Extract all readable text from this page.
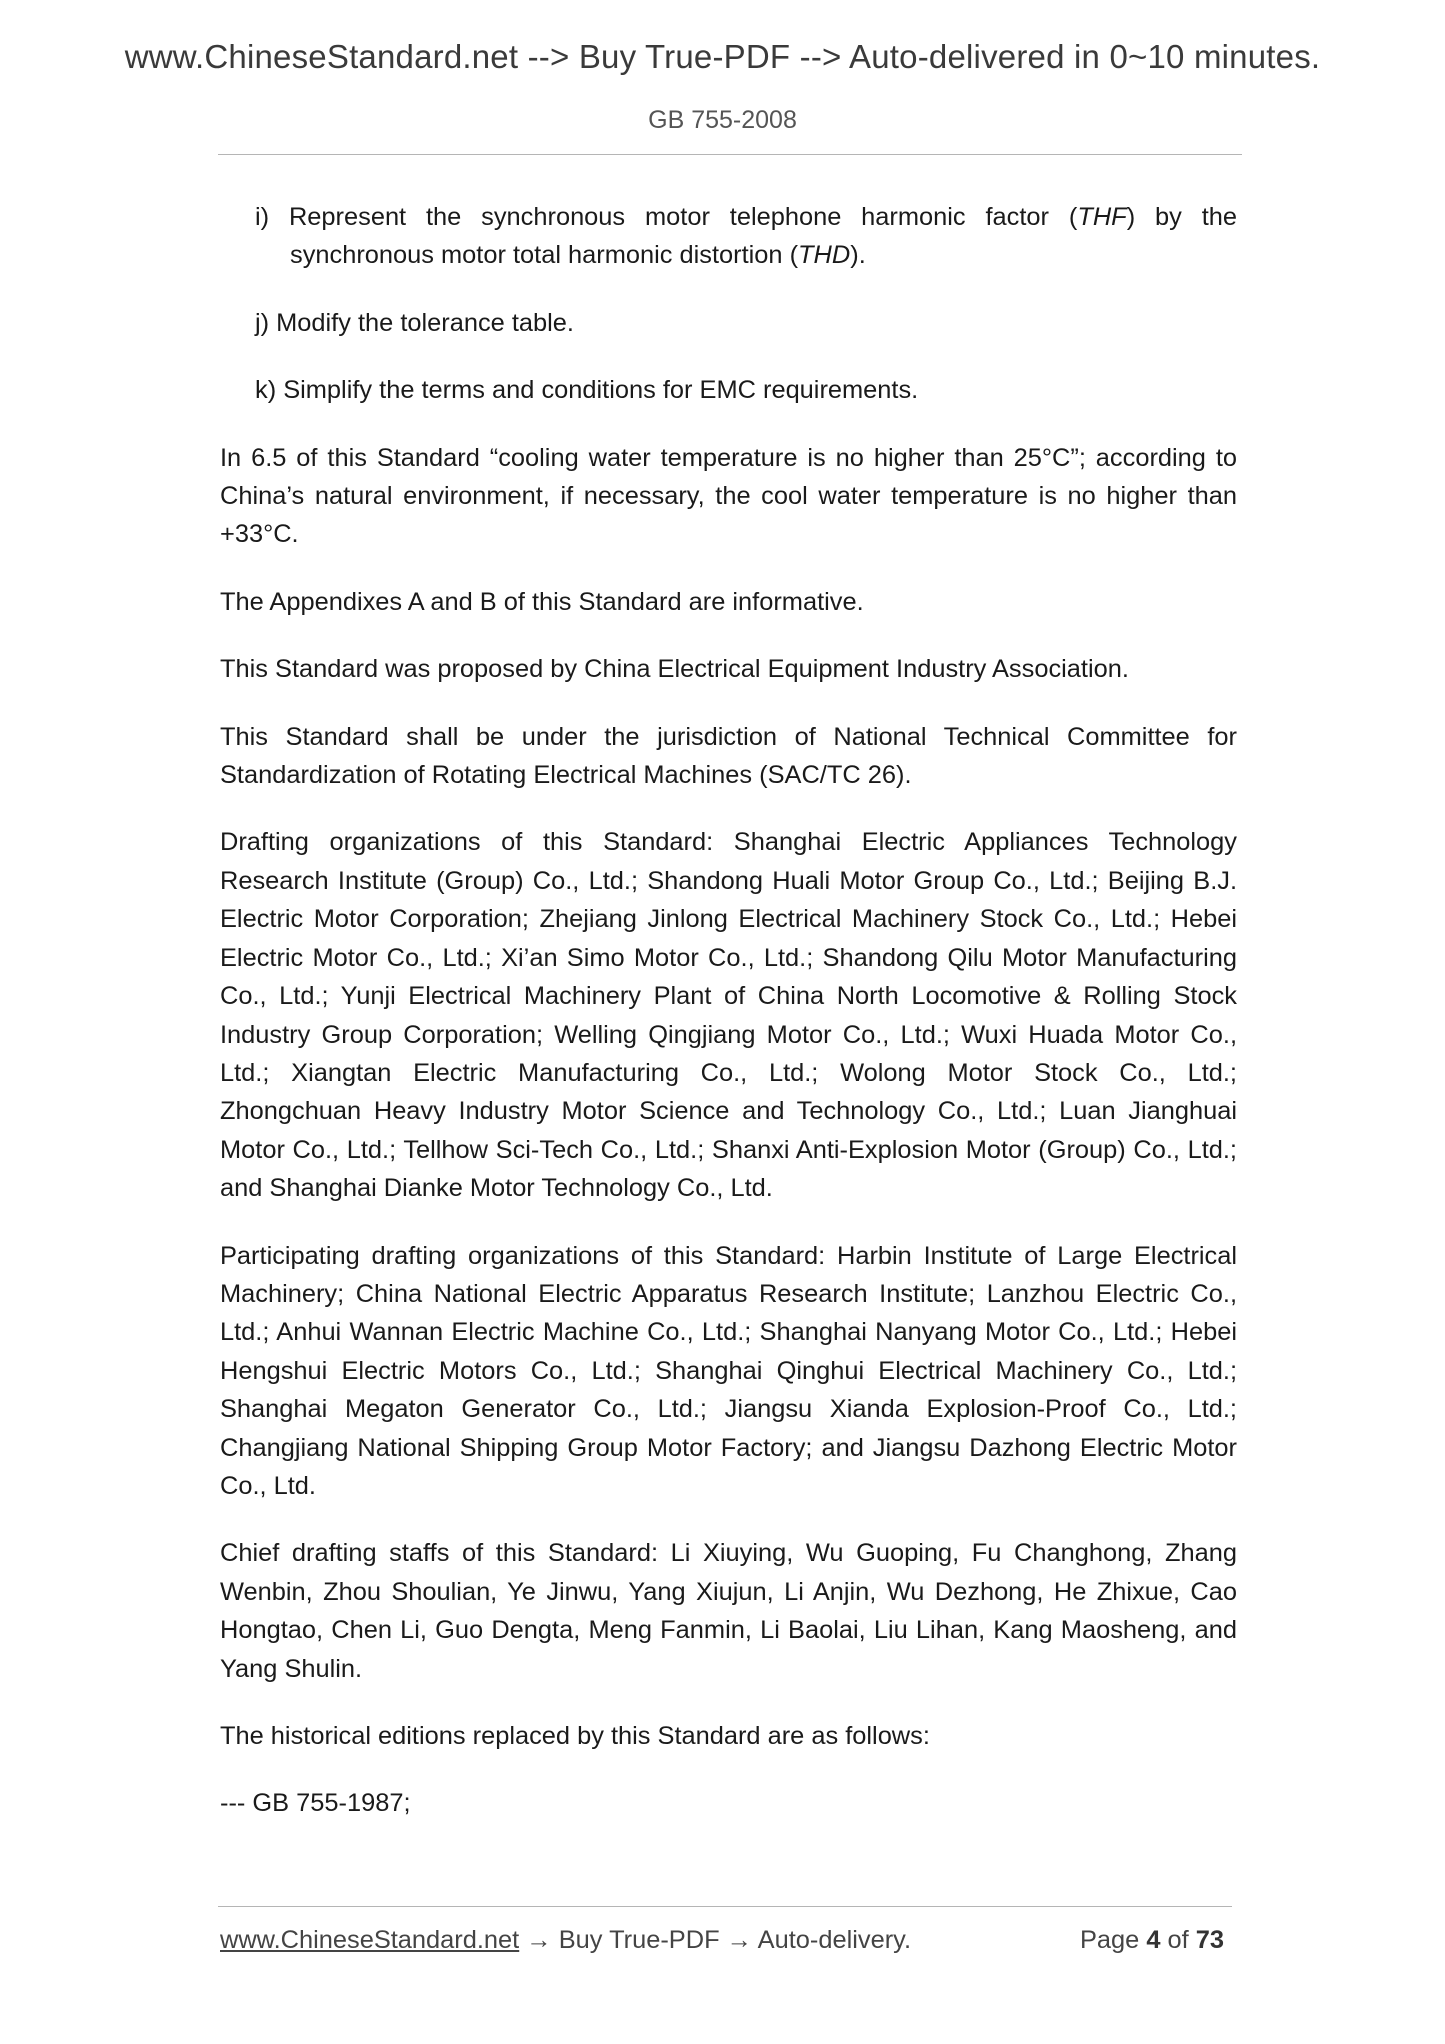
www.ChineseStandard.net --> Buy True-PDF --> Auto-delivered in 0~10 minutes.
GB 755-2008

i) Represent the synchronous motor telephone harmonic factor (THF) by the synchronous motor total harmonic distortion (THD).

j) Modify the tolerance table.

k) Simplify the terms and conditions for EMC requirements.

In 6.5 of this Standard “cooling water temperature is no higher than 25°C”; according to China’s natural environment, if necessary, the cool water temperature is no higher than +33°C.

The Appendixes A and B of this Standard are informative.

This Standard was proposed by China Electrical Equipment Industry Association.

This Standard shall be under the jurisdiction of National Technical Committee for Standardization of Rotating Electrical Machines (SAC/TC 26).

Drafting organizations of this Standard: Shanghai Electric Appliances Technology Research Institute (Group) Co., Ltd.; Shandong Huali Motor Group Co., Ltd.; Beijing B.J. Electric Motor Corporation; Zhejiang Jinlong Electrical Machinery Stock Co., Ltd.; Hebei Electric Motor Co., Ltd.; Xi’an Simo Motor Co., Ltd.; Shandong Qilu Motor Manufacturing Co., Ltd.; Yunji Electrical Machinery Plant of China North Locomotive & Rolling Stock Industry Group Corporation; Welling Qingjiang Motor Co., Ltd.; Wuxi Huada Motor Co., Ltd.; Xiangtan Electric Manufacturing Co., Ltd.; Wolong Motor Stock Co., Ltd.; Zhongchuan Heavy Industry Motor Science and Technology Co., Ltd.; Luan Jianghuai Motor Co., Ltd.; Tellhow Sci-Tech Co., Ltd.; Shanxi Anti-Explosion Motor (Group) Co., Ltd.; and Shanghai Dianke Motor Technology Co., Ltd.

Participating drafting organizations of this Standard: Harbin Institute of Large Electrical Machinery; China National Electric Apparatus Research Institute; Lanzhou Electric Co., Ltd.; Anhui Wannan Electric Machine Co., Ltd.; Shanghai Nanyang Motor Co., Ltd.; Hebei Hengshui Electric Motors Co., Ltd.; Shanghai Qinghui Electrical Machinery Co., Ltd.; Shanghai Megaton Generator Co., Ltd.; Jiangsu Xianda Explosion-Proof Co., Ltd.; Changjiang National Shipping Group Motor Factory; and Jiangsu Dazhong Electric Motor Co., Ltd.

Chief drafting staffs of this Standard: Li Xiuying, Wu Guoping, Fu Changhong, Zhang Wenbin, Zhou Shoulian, Ye Jinwu, Yang Xiujun, Li Anjin, Wu Dezhong, He Zhixue, Cao Hongtao, Chen Li, Guo Dengta, Meng Fanmin, Li Baolai, Liu Lihan, Kang Maosheng, and Yang Shulin.

The historical editions replaced by this Standard are as follows:

--- GB 755-1987;

www.ChineseStandard.net → Buy True-PDF → Auto-delivery.	Page 4 of 73
